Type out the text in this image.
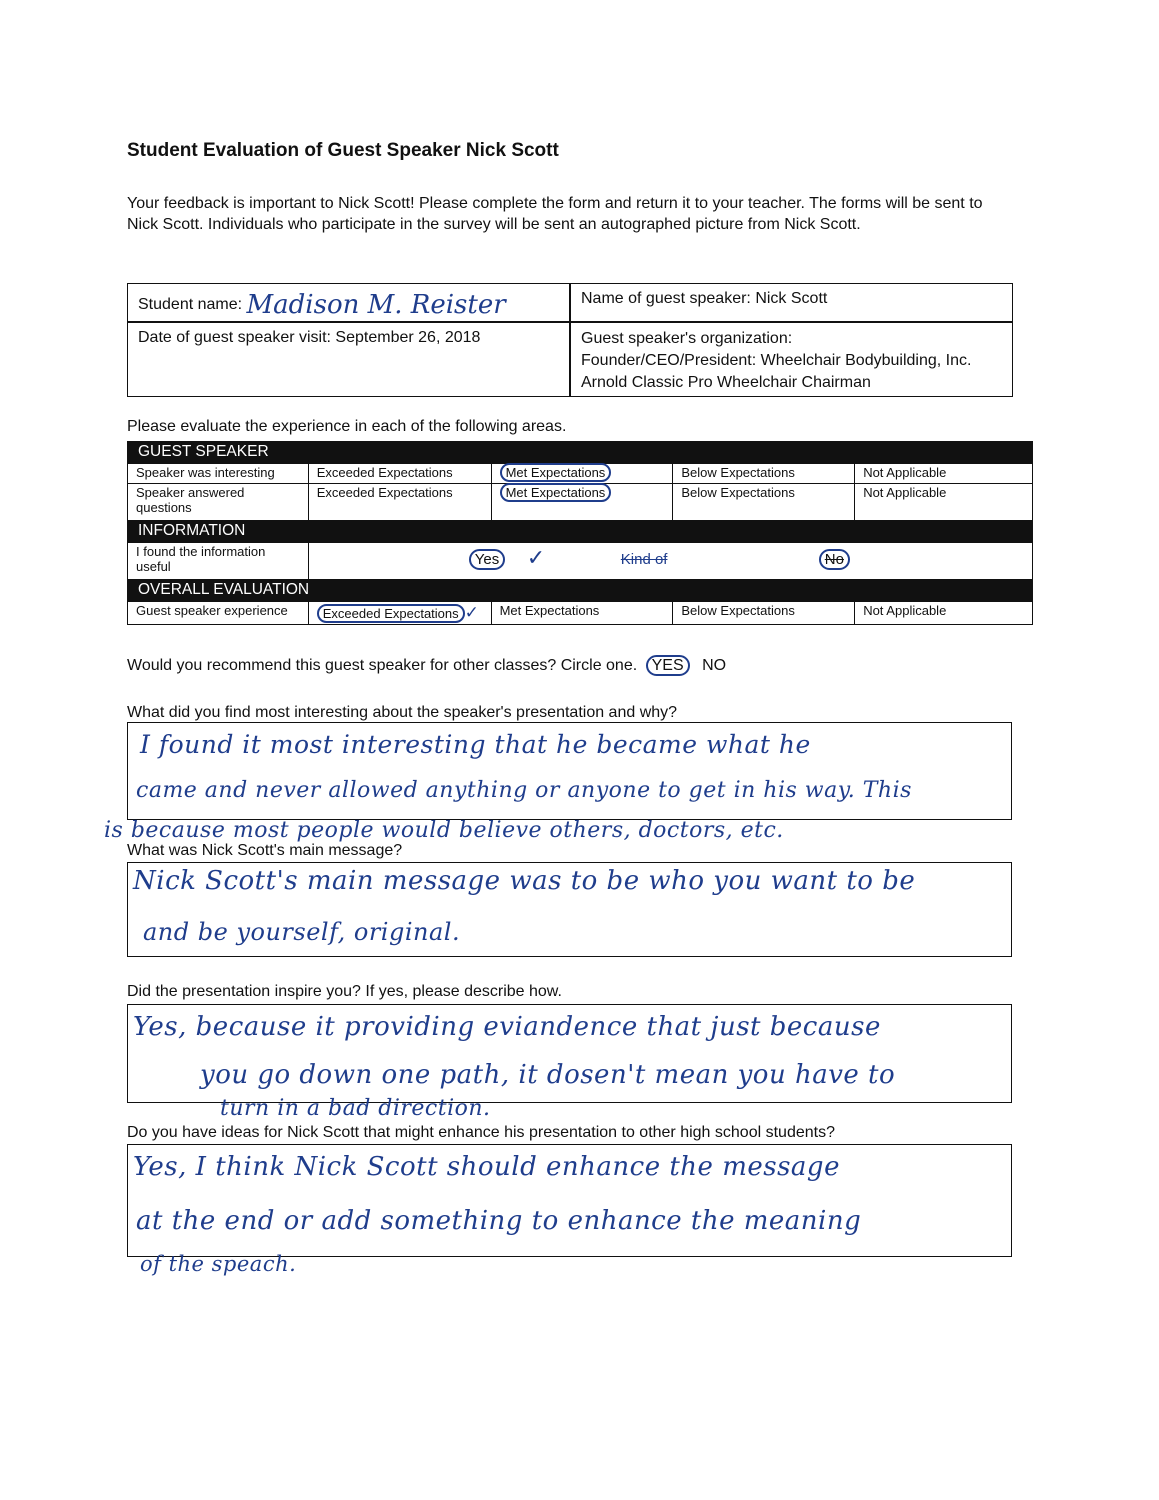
Student Evaluation of Guest Speaker Nick Scott
Your feedback is important to Nick Scott! Please complete the form and return it to your teacher. The forms will be sent to Nick Scott. Individuals who participate in the survey will be sent an autographed picture from Nick Scott.
Student name: Madison M. Reister	Name of guest speaker: Nick Scott
Date of guest speaker visit: September 26, 2018	Guest speaker's organization:
Founder/CEO/President: Wheelchair Bodybuilding, Inc.
Arnold Classic Pro Wheelchair Chairman
Please evaluate the experience in each of the following areas.
GUEST SPEAKER				
Speaker was interesting	Exceeded Expectations	Met Expectations	Below Expectations	Not Applicable
Speaker answered questions	Exceeded Expectations	Met Expectations	Below Expectations	Not Applicable
INFORMATION				
I found the information useful	Yes ✓ Kind of No			

OVERALL EVALUATION				
Guest speaker experience	Exceeded Expectations ✓	Met Expectations	Below Expectations	Not Applicable
Would you recommend this guest speaker for other classes? Circle one. YES NO
What did you find most interesting about the speaker's presentation and why?
I found it most interesting that he became what he
came and never allowed anything or anyone to get in his way. This
is because most people would believe others, doctors, etc.
What was Nick Scott's main message?
Nick Scott's main message was to be who you want to be
and be yourself, original.
Did the presentation inspire you? If yes, please describe how.
Yes, because it providing eviandence that just because
you go down one path, it dosen't mean you have to
turn in a bad direction.
Do you have ideas for Nick Scott that might enhance his presentation to other high school students?
Yes, I think Nick Scott should enhance the message
at the end or add something to enhance the meaning
of the speach.
